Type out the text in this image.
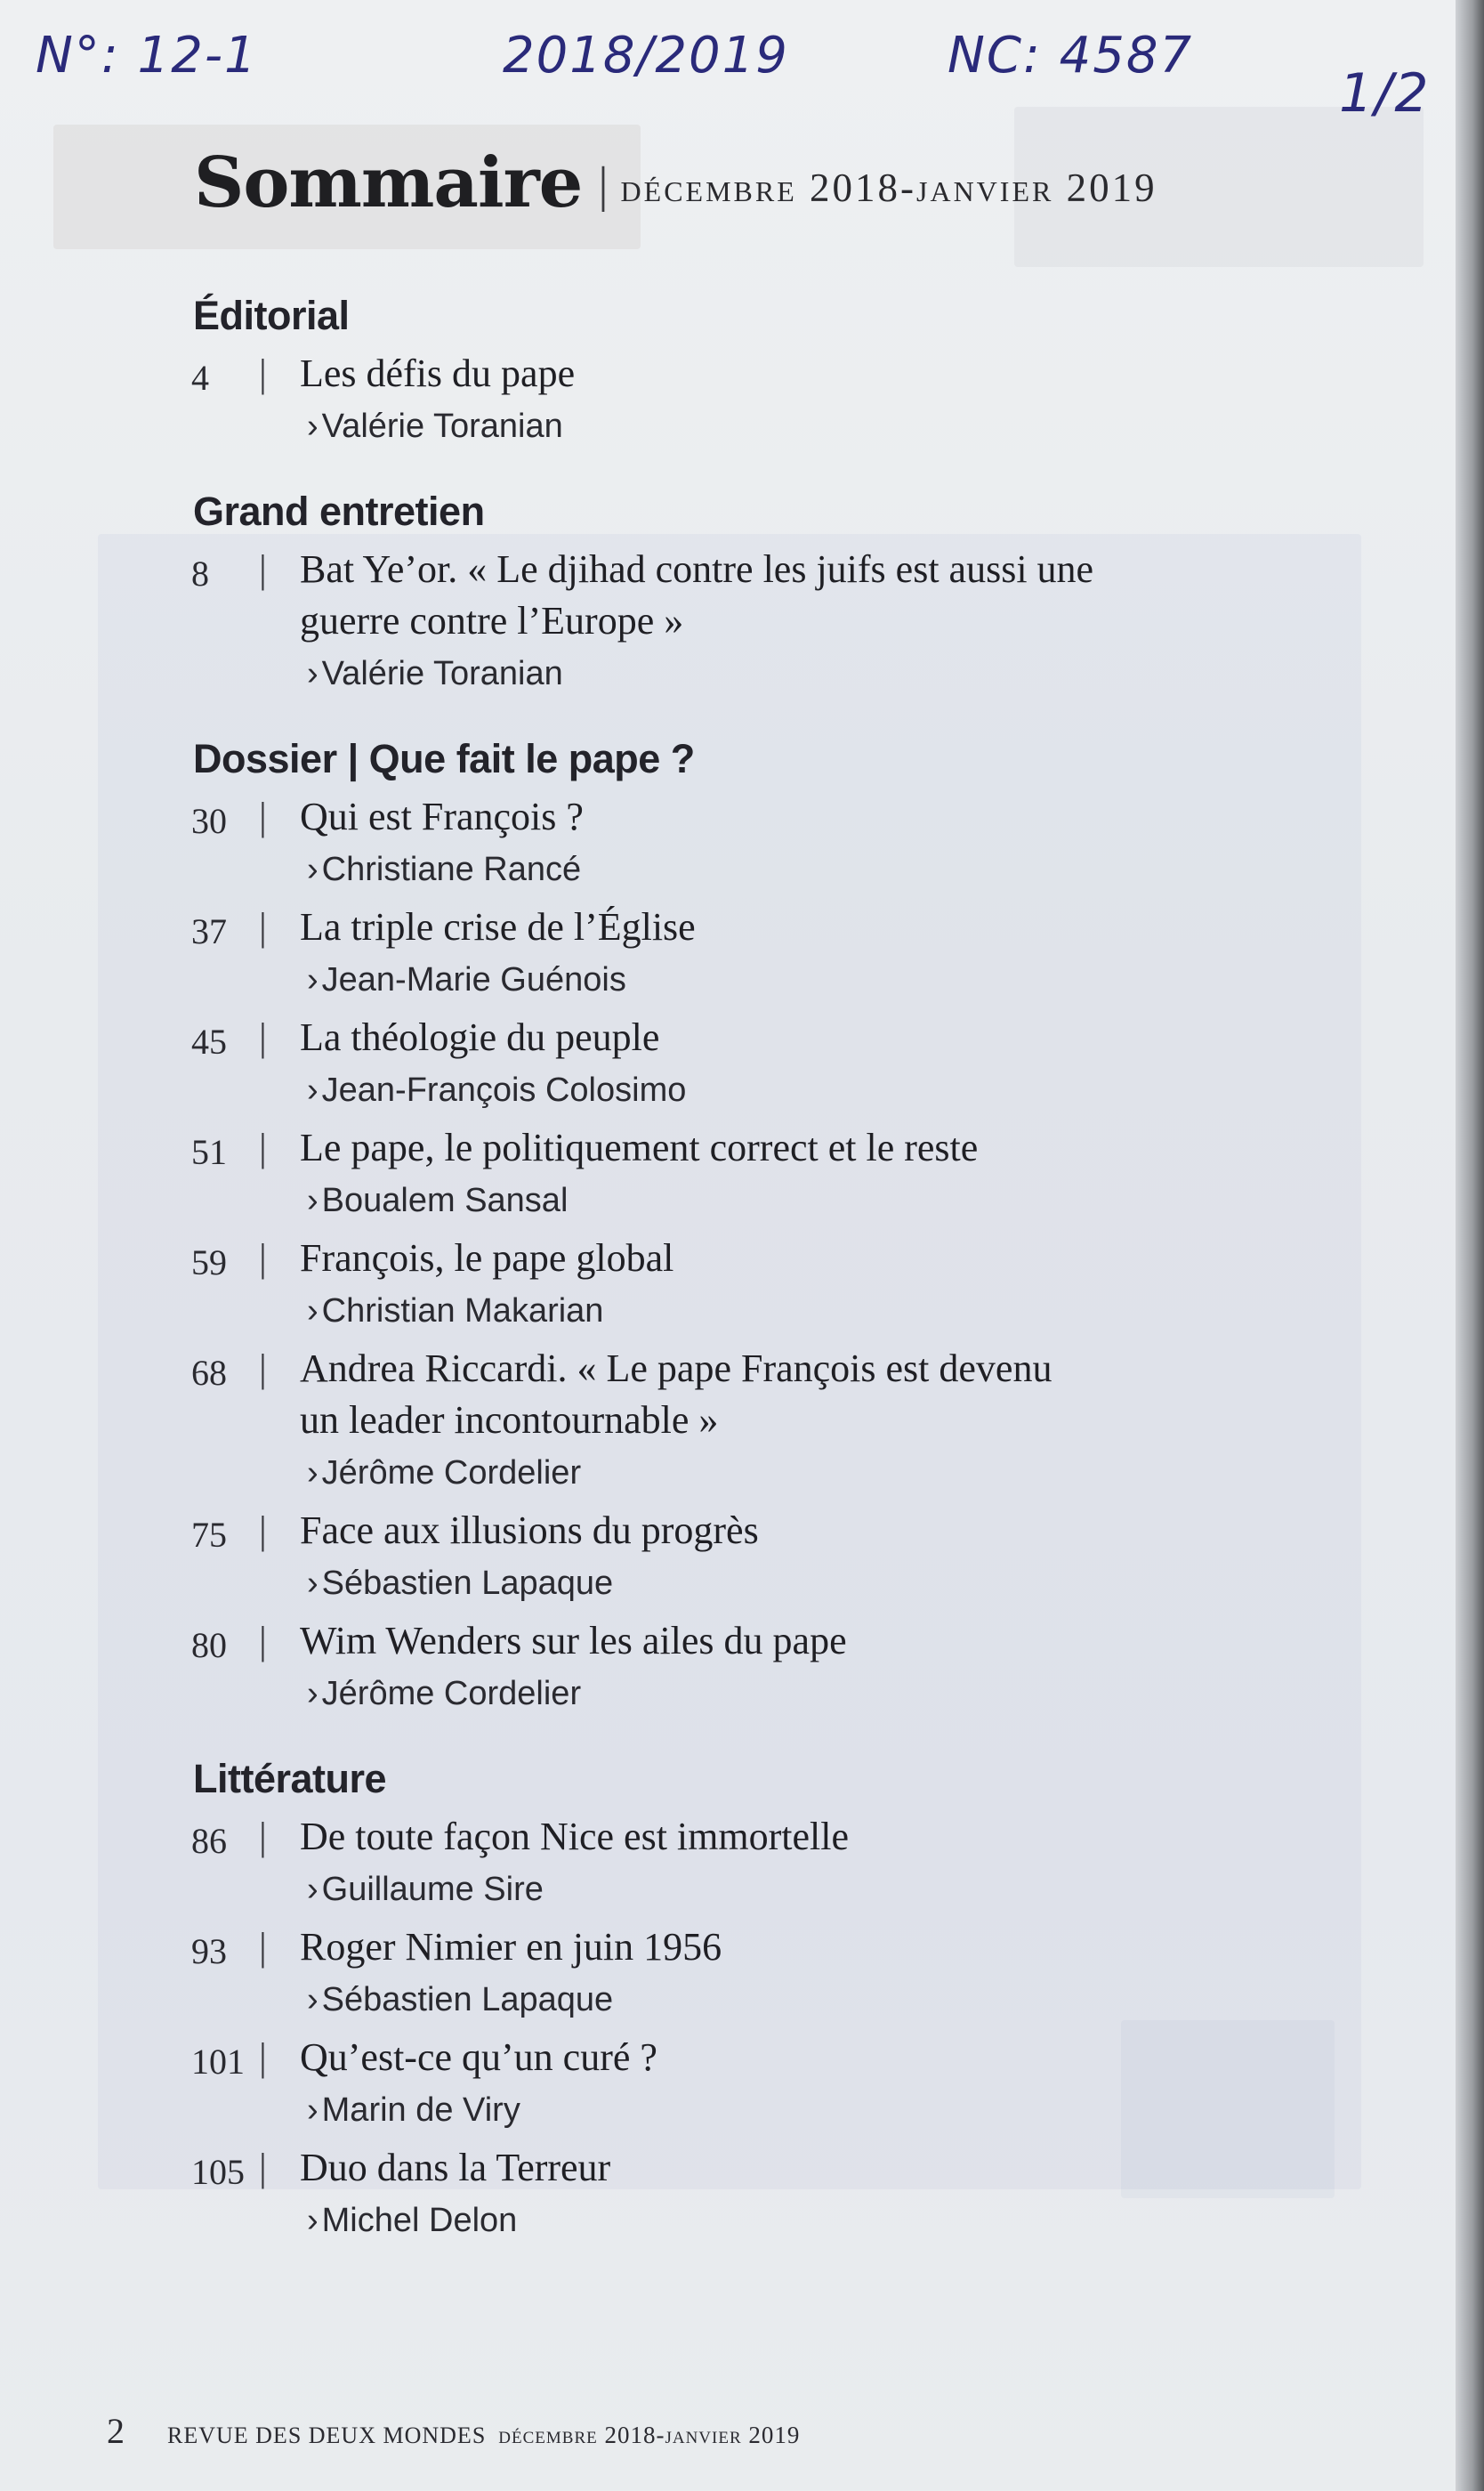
N°: 12-1	2018/2019	NC: 4587
1/2
Sommaire | décembre 2018-janvier 2019
Éditorial
4	| Les défis du pape
› Valérie Toranian
Grand entretien
8	| Bat Ye’or. « Le djihad contre les juifs est aussi une
guerre contre l’Europe »
› Valérie Toranian
Dossier | Que fait le pape ?
30 | Qui est François ?
› Christiane Rancé
37 | La triple crise de l’Église
› Jean-Marie Guénois
45 | La théologie du peuple
› Jean-François Colosimo
51 | Le pape, le politiquement correct et le reste
› Boualem Sansal
59 | François, le pape global
› Christian Makarian
68 | Andrea Riccardi. « Le pape François est devenu
un leader incontournable »
› Jérôme Cordelier
75 | Face aux illusions du progrès
› Sébastien Lapaque
80 | Wim Wenders sur les ailes du pape
› Jérôme Cordelier
Littérature
86 | De toute façon Nice est immortelle
› Guillaume Sire
93 | Roger Nimier en juin 1956
› Sébastien Lapaque
101 | Qu’est-ce qu’un curé ?
› Marin de Viry
105 | Duo dans la Terreur
› Michel Delon
2 REVUE DES DEUX MONDES décembre 2018-janvier 2019
